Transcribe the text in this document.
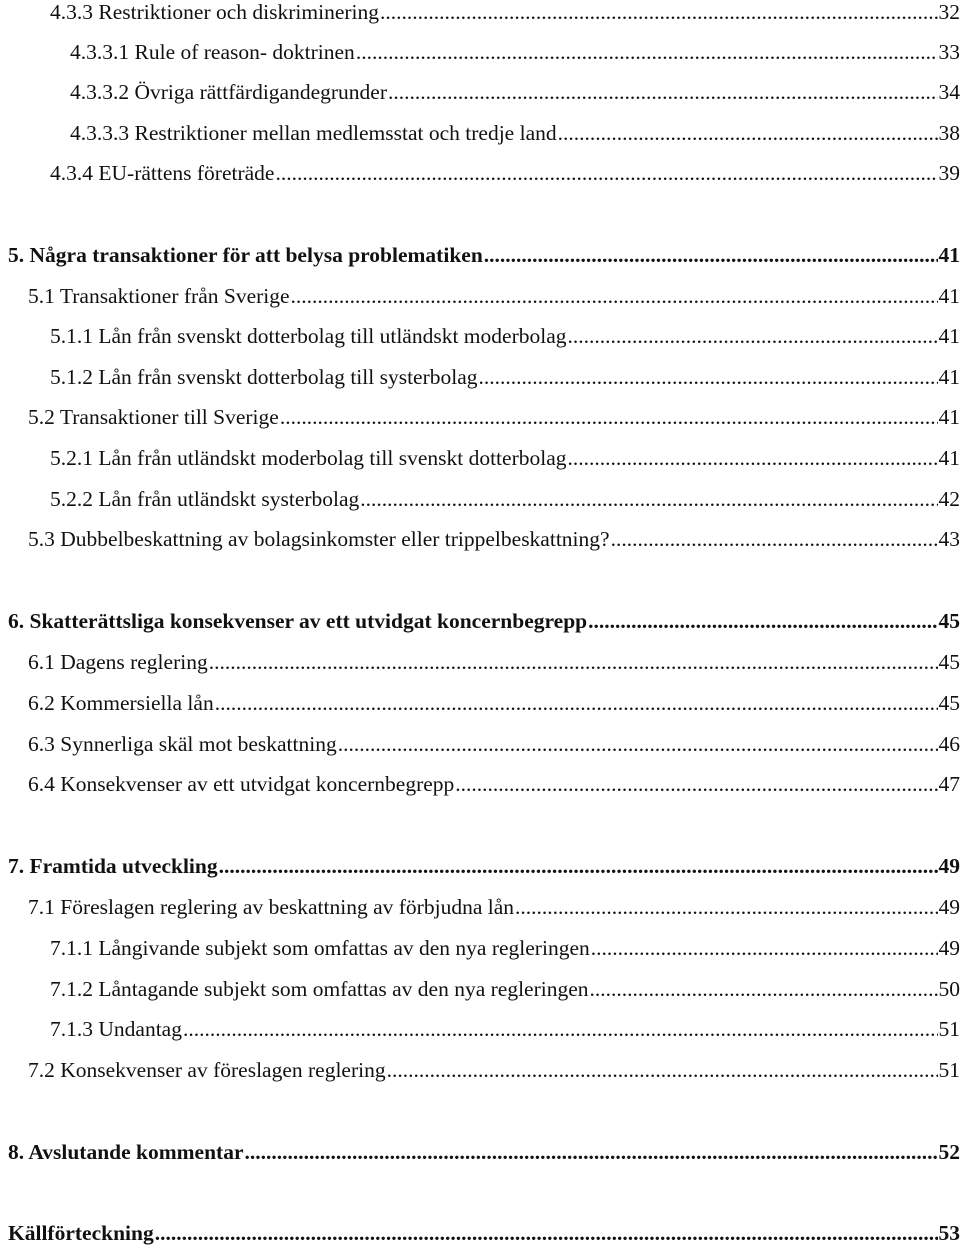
4.3.3 Restriktioner och diskriminering .....	32
4.3.3.1 Rule of reason- doktrinen .....	33
4.3.3.2 Övriga rättfärdigandegrunder .....	34
4.3.3.3 Restriktioner mellan medlemsstat och tredje land .....	38
4.3.4 EU-rättens företräde .....	39
5. Några transaktioner för att belysa problematiken .....	41
5.1 Transaktioner från Sverige .....	41
5.1.1 Lån från svenskt dotterbolag till utländskt moderbolag .....	41
5.1.2 Lån från svenskt dotterbolag till systerbolag .....	41
5.2 Transaktioner till Sverige .....	41
5.2.1 Lån från utländskt moderbolag till svenskt dotterbolag .....	41
5.2.2 Lån från utländskt systerbolag .....	42
5.3 Dubbelbeskattning av bolagsinkomster eller trippelbeskattning? .....	43
6. Skatterättsliga konsekvenser av ett utvidgat koncernbegrepp .....	45
6.1 Dagens reglering .....	45
6.2 Kommersiella lån .....	45
6.3 Synnerliga skäl mot beskattning .....	46
6.4 Konsekvenser av ett utvidgat koncernbegrepp .....	47
7. Framtida utveckling .....	49
7.1 Föreslagen reglering av beskattning av förbjudna lån .....	49
7.1.1 Långivande subjekt som omfattas av den nya regleringen .....	49
7.1.2 Låntagande subjekt som omfattas av den nya regleringen .....	50
7.1.3 Undantag .....	51
7.2 Konsekvenser av föreslagen reglering .....	51
8. Avslutande kommentar .....	52
Källförteckning .....	53
